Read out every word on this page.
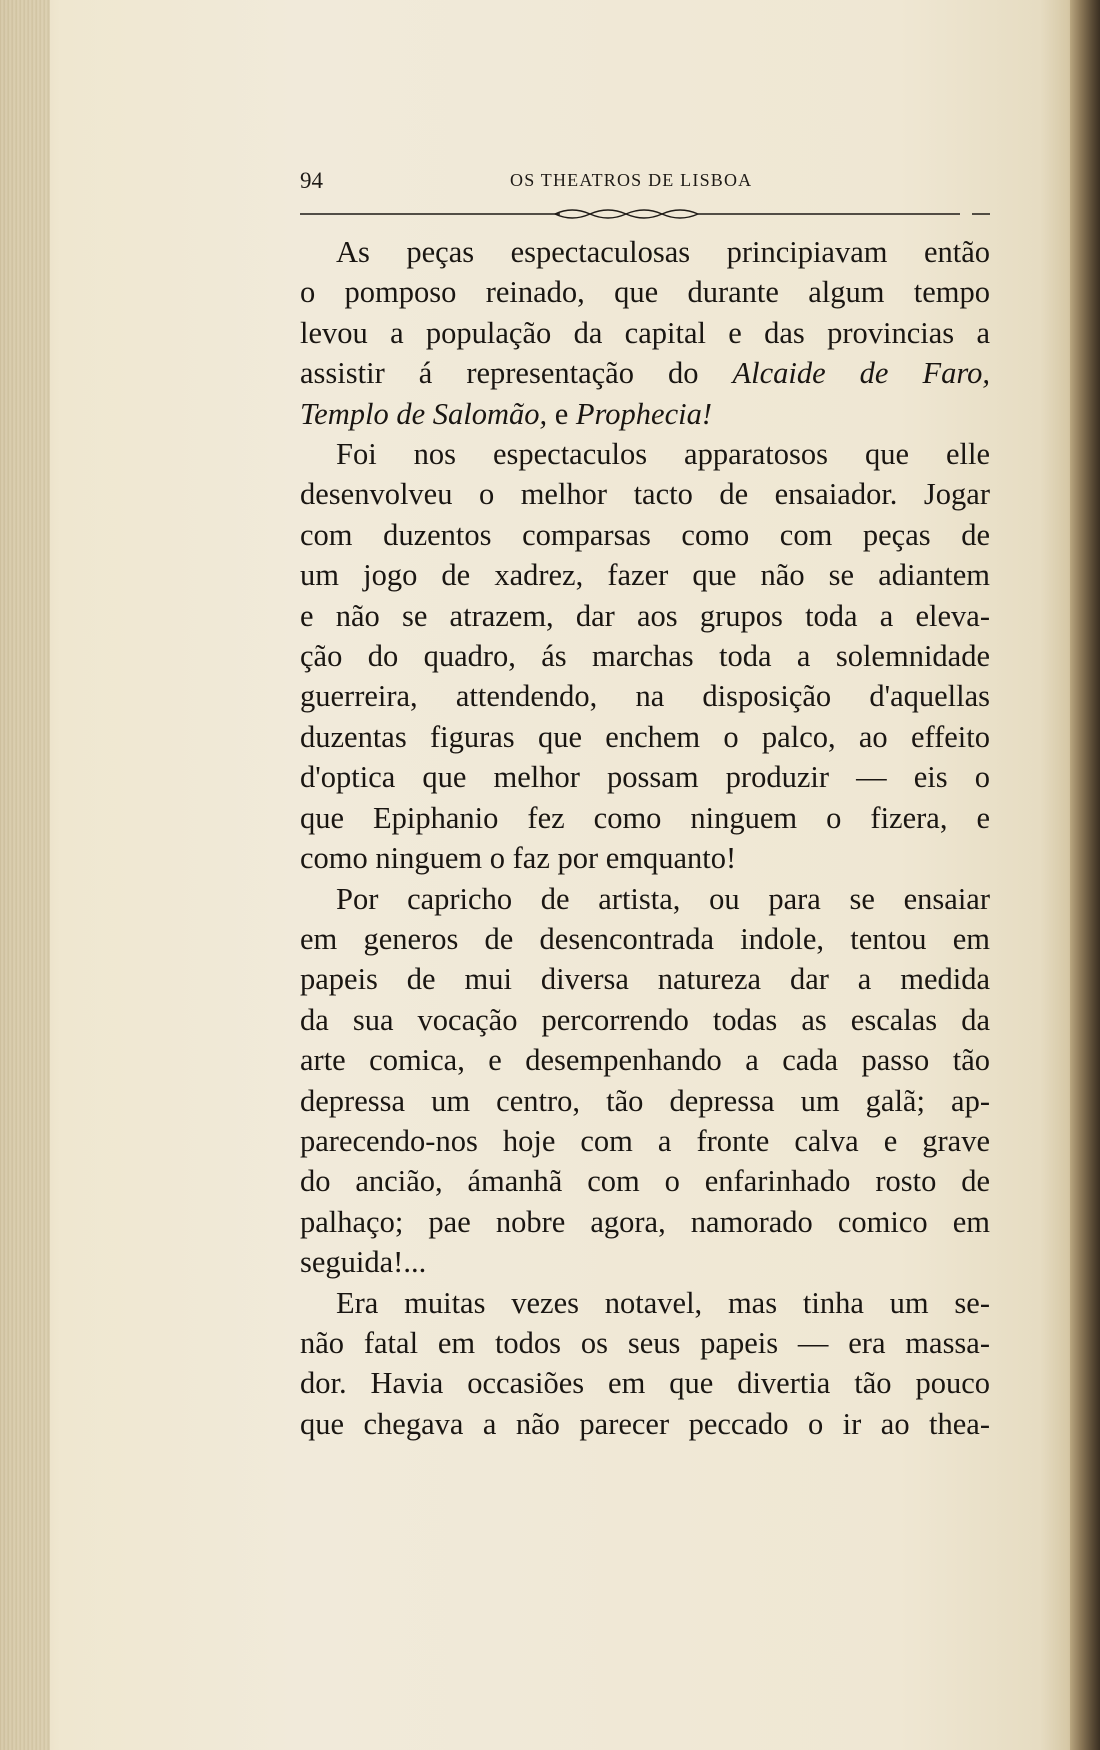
94	OS THEATROS DE LISBOA

As peças espectaculosas principiavam então
o pomposo reinado, que durante algum tempo
levou a população da capital e das provincias a
assistir á representação do Alcaide de Faro,
Templo de Salomão, e Prophecia!

Foi nos espectaculos apparatosos que elle
desenvolveu o melhor tacto de ensaiador. Jogar
com duzentos comparsas como com peças de
um jogo de xadrez, fazer que não se adiantem
e não se atrazem, dar aos grupos toda a eleva-
ção do quadro, ás marchas toda a solemnidade
guerreira, attendendo, na disposição d'aquellas
duzentas figuras que enchem o palco, ao effeito
d'optica que melhor possam produzir — eis o
que Epiphanio fez como ninguem o fizera, e
como ninguem o faz por emquanto!

Por capricho de artista, ou para se ensaiar
em generos de desencontrada indole, tentou em
papeis de mui diversa natureza dar a medida
da sua vocação percorrendo todas as escalas da
arte comica, e desempenhando a cada passo tão
depressa um centro, tão depressa um galã; ap-
parecendo-nos hoje com a fronte calva e grave
do ancião, ámanhã com o enfarinhado rosto de
palhaço; pae nobre agora, namorado comico em
seguida!...

Era muitas vezes notavel, mas tinha um se-
não fatal em todos os seus papeis — era massa-
dor. Havia occasiões em que divertia tão pouco
que chegava a não parecer peccado o ir ao thea-
